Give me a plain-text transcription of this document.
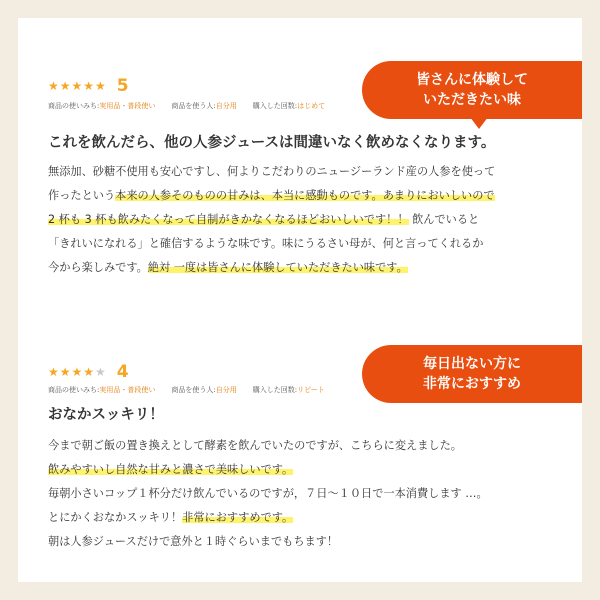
★★★★★ 5
商品の使いみち:実用品・普段使い 商品を使う人:自分用 購入した回数:はじめて
皆さんに体験して
いただきたい味
これを飲んだら、他の人参ジュースは間違いなく飲めなくなります。
無添加、砂糖不使用も安心ですし、何よりこだわりのニュージーランド産の人参を使って
作ったという本来の人参そのものの甘みは、本当に感動ものです。あまりにおいしいので
2 杯も 3 杯も飲みたくなって自制がきかなくなるほどおいしいです！！ 飲んでいると
「きれいになれる」と確信するような味です。味にうるさい母が、何と言ってくれるか
今から楽しみです。絶対 一度は皆さんに体験していただきたい味です。
★★★★★ 4
商品の使いみち:実用品・普段使い 商品を使う人:自分用 購入した回数:リピート
毎日出ない方に
非常におすすめ
おなかスッキリ！
今まで朝ご飯の置き換えとして酵素を飲んでいたのですが、こちらに変えました。
飲みやすいし自然な甘みと濃さで美味しいです。
毎朝小さいコップ１杯分だけ飲んでいるのですが，７日～１０日で一本消費します …。
とにかくおなかスッキリ！非常におすすめです。
朝は人参ジュースだけで意外と１時ぐらいまでもちます！
